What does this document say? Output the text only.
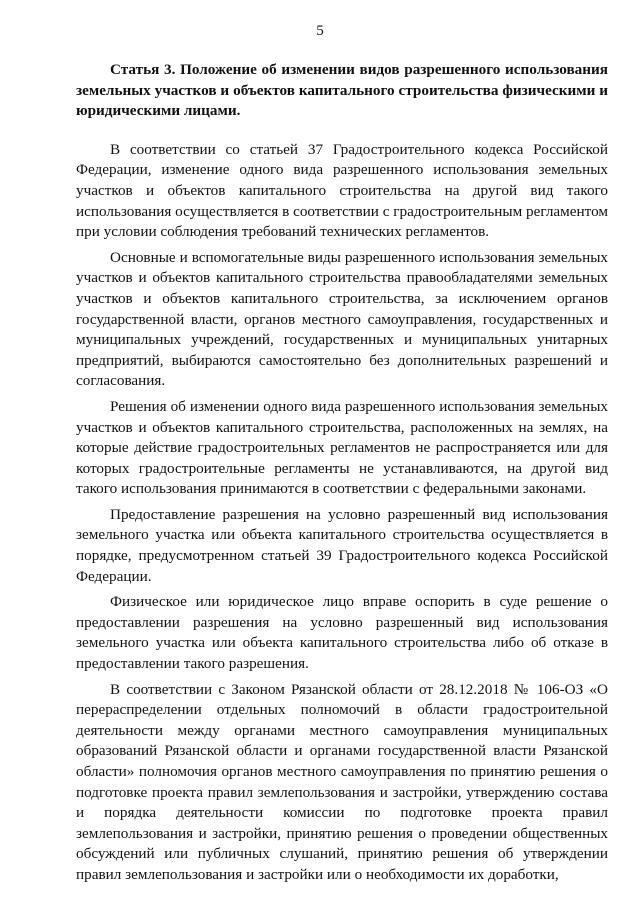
5

Статья 3. Положение об изменении видов разрешенного использования земельных участков и объектов капитального строительства физическими и юридическими лицами.

В соответствии со статьей 37 Градостроительного кодекса Российской Федерации, изменение одного вида разрешенного использования земельных участков и объектов капитального строительства на другой вид такого использования осуществляется в соответствии с градостроительным регламентом при условии соблюдения требований технических регламентов.

Основные и вспомогательные виды разрешенного использования земельных участков и объектов капитального строительства правообладателями земельных участков и объектов капитального строительства, за исключением органов государственной власти, органов местного самоуправления, государственных и муниципальных учреждений, государственных и муниципальных унитарных предприятий, выбираются самостоятельно без дополнительных разрешений и согласования.

Решения об изменении одного вида разрешенного использования земельных участков и объектов капитального строительства, расположенных на землях, на которые действие градостроительных регламентов не распространяется или для которых градостроительные регламенты не устанавливаются, на другой вид такого использования принимаются в соответствии с федеральными законами.

Предоставление разрешения на условно разрешенный вид использования земельного участка или объекта капитального строительства осуществляется в порядке, предусмотренном статьей 39 Градостроительного кодекса Российской Федерации.

Физическое или юридическое лицо вправе оспорить в суде решение о предоставлении разрешения на условно разрешенный вид использования земельного участка или объекта капитального строительства либо об отказе в предоставлении такого разрешения.

В соответствии с Законом Рязанской области от 28.12.2018 № 106-ОЗ «О перераспределении отдельных полномочий в области градостроительной деятельности между органами местного самоуправления муниципальных образований Рязанской области и органами государственной власти Рязанской области» полномочия органов местного самоуправления по принятию решения о подготовке проекта правил землепользования и застройки, утверждению состава и порядка деятельности комиссии по подготовке проекта правил землепользования и застройки, принятию решения о проведении общественных обсуждений или публичных слушаний, принятию решения об утверждении правил землепользования и застройки или о необходимости их доработки,
